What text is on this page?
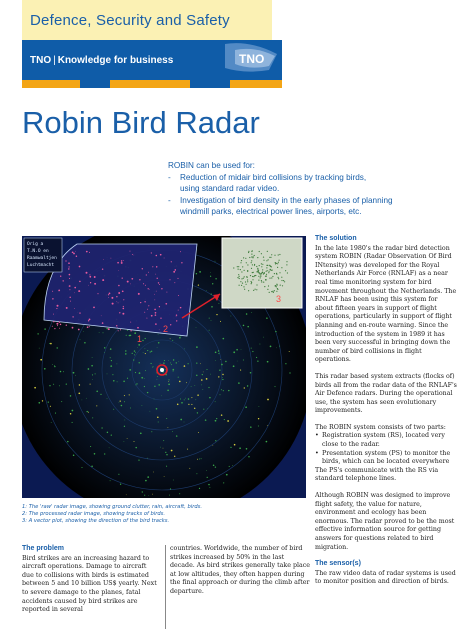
Defence, Security and Safety
TNO | Knowledge for business	TNO
Robin Bird Radar
ROBIN can be used for:
-	Reduction of midair bird collisions by tracking birds,
using standard radar video.
-	Investigation of bird density in the early phases of planning
windmill parks, electrical power lines, airports, etc.
Orig a
T.N.O en
Raamwaltjen
Luchtmacht
1
2
3
1: The 'raw' radar image, showing ground clutter, rain, aircraft, birds.
2: The processed radar image, showing tracks of birds.
3: A vector plot, showing the direction of the bird tracks.
The solution

In the late 1980's the radar bird detection system ROBIN (Radar Observation Of Bird INtensity) was developed for the Royal Netherlands Air Force (RNLAF) as a near real time monitoring system for bird movement throughout the Netherlands. The RNLAF has been using this system for about fifteen years in support of flight operations, particularly in support of flight planning and en-route warning. Since the introduction of the system in 1989 it has been very successful in bringing down the number of bird collisions in flight operations.

This radar based system extracts (flocks of) birds all from the radar data of the RNLAF's Air Defence radars. During the operational use, the system has seen evolutionary improvements.

The ROBIN system consists of two parts:
• Registration system (RS), located very close to the radar.
• Presentation system (PS) to monitor the birds, which can be located everywhere

The PS's communicate with the RS via standard telephone lines.

Although ROBIN was designed to improve flight safety, the value for nature, environment and ecology has been enormous. The radar proved to be the most effective information source for getting answers for questions related to bird migration.

The sensor(s)

The raw video data of radar systems is used to monitor position and direction of birds.

The problem
Bird strikes are an increasing hazard to aircraft operations. Damage to aircraft due to collisions with birds is estimated between 5 and 10 billion US$ yearly. Next to severe damage to the planes, fatal accidents caused by bird strikes are reported in several
countries. Worldwide, the number of bird strikes increased by 50% in the last decade. As bird strikes generally take place at low altitudes, they often happen during the final approach or during the climb after departure.
